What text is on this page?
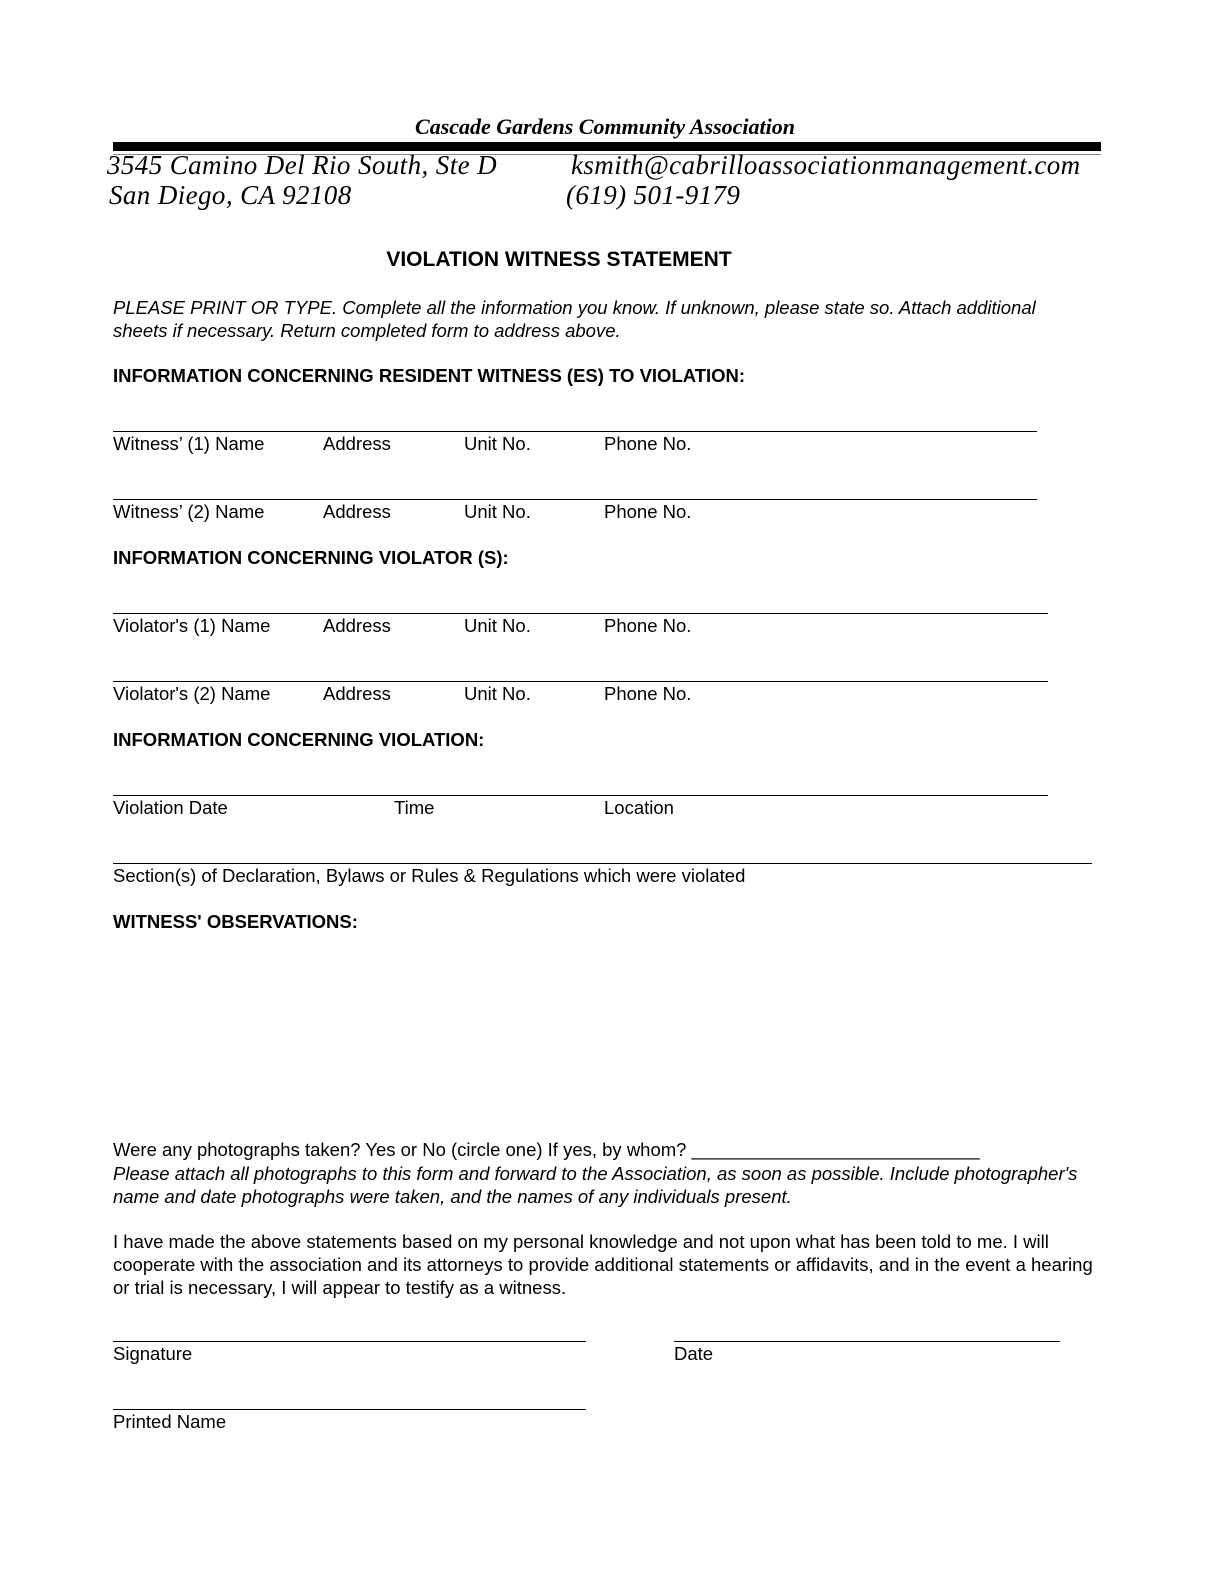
Cascade Gardens Community Association
3545 Camino Del Rio South, Ste D
San Diego, CA 92108
ksmith@cabrilloassociationmanagement.com
(619) 501-9179
VIOLATION WITNESS STATEMENT
PLEASE PRINT OR TYPE. Complete all the information you know. If unknown, please state so. Attach additional sheets if necessary. Return completed form to address above.
INFORMATION CONCERNING RESIDENT WITNESS (ES) TO VIOLATION:
Witness’ (1) Name	Address	Unit No.	Phone No.
Witness’ (2) Name	Address	Unit No.	Phone No.
INFORMATION CONCERNING VIOLATOR (S):
Violator's (1) Name	Address	Unit No.	Phone No.
Violator's (2) Name	Address	Unit No.	Phone No.
INFORMATION CONCERNING VIOLATION:
Violation Date	Time	Location
Section(s) of Declaration, Bylaws or Rules & Regulations which were violated
WITNESS' OBSERVATIONS:
Were any photographs taken? Yes or No (circle one) If yes, by whom? ____________________________
Please attach all photographs to this form and forward to the Association, as soon as possible. Include photographer's name and date photographs were taken, and the names of any individuals present.
I have made the above statements based on my personal knowledge and not upon what has been told to me. I will cooperate with the association and its attorneys to provide additional statements or affidavits, and in the event a hearing or trial is necessary, I will appear to testify as a witness.
Signature	Date
Printed Name
